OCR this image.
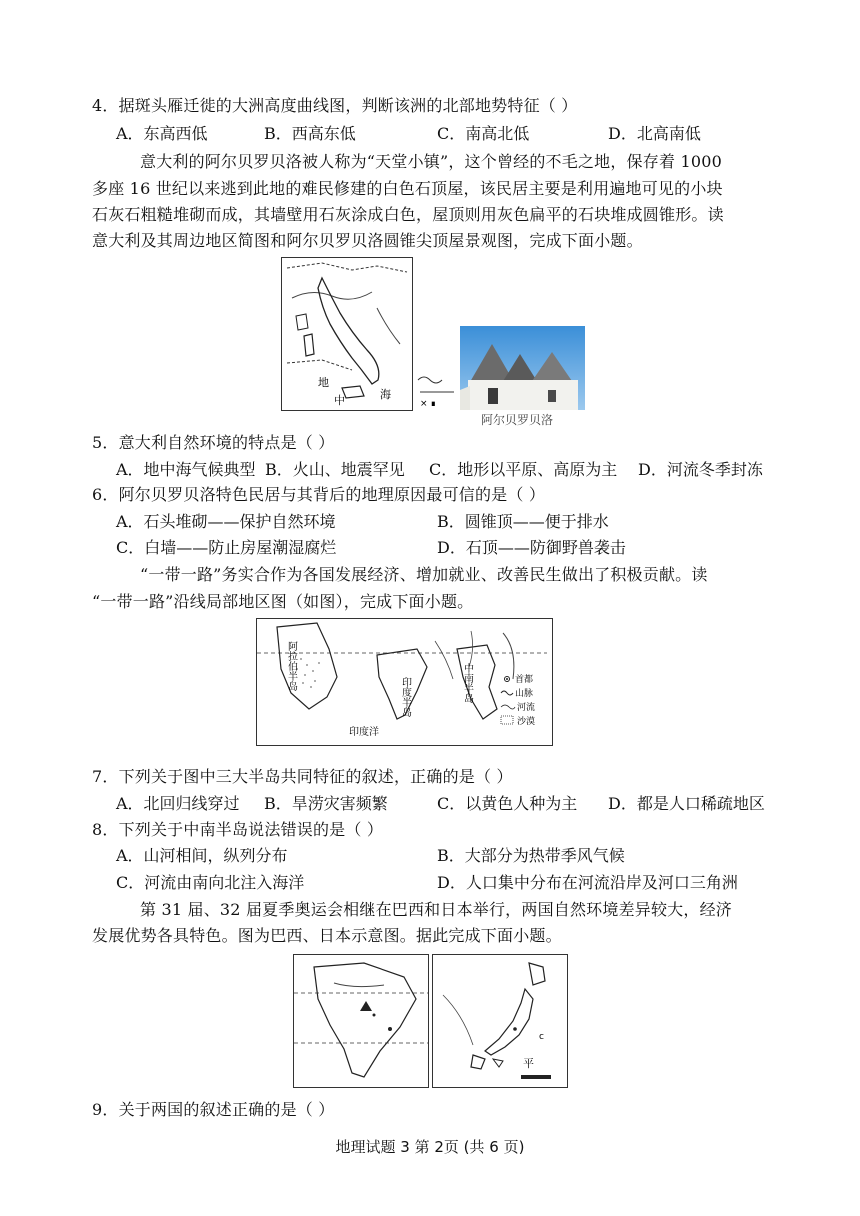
4．据斑头雁迁徙的大洲高度曲线图，判断该洲的北部地势特征（ ）
A．东高西低	B．西高东低	C．南高北低	D．北高南低
意大利的阿尔贝罗贝洛被人称为“天堂小镇”，这个曾经的不毛之地，保存着 1000
多座 16 世纪以来逃到此地的难民修建的白色石顶屋，该民居主要是利用遍地可见的小块
石灰石粗糙堆砌而成，其墙壁用石灰涂成白色，屋顶则用灰色扁平的石块堆成圆锥形。读
意大利及其周边地区简图和阿尔贝罗贝洛圆锥尖顶屋景观图，完成下面小题。
地
中	海
× ∎
阿尔贝罗贝洛
5．意大利自然环境的特点是（ ）
A．地中海气候典型 B．火山、地震罕见 C．地形以平原、高原为主 D．河流冬季封冻
6．阿尔贝罗贝洛特色民居与其背后的地理原因最可信的是（ ）
A．石头堆砌——保护自然环境	B．圆锥顶——便于排水
C．白墙——防止房屋潮湿腐烂	D．石顶——防御野兽袭击
“一带一路”务实合作为各国发展经济、增加就业、改善民生做出了积极贡献。读
“一带一路”沿线局部地区图（如图），完成下面小题。
阿拉伯半岛
印度半岛	中南半岛
印度洋
首都
山脉
河流
沙漠
7．下列关于图中三大半岛共同特征的叙述，正确的是（ ）
A．北回归线穿过 B．旱涝灾害频繁	C．以黄色人种为主 D．都是人口稀疏地区
8．下列关于中南半岛说法错误的是（ ）
A．山河相间，纵列分布	B．大部分为热带季风气候
C．河流由南向北注入海洋	D．人口集中分布在河流沿岸及河口三角洲
第 31 届、32 届夏季奥运会相继在巴西和日本举行，两国自然环境差异较大，经济
发展优势各具特色。图为巴西、日本示意图。据此完成下面小题。
平
c
9．关于两国的叙述正确的是（ ）
地理试题 3 第 2页 (共 6 页)
